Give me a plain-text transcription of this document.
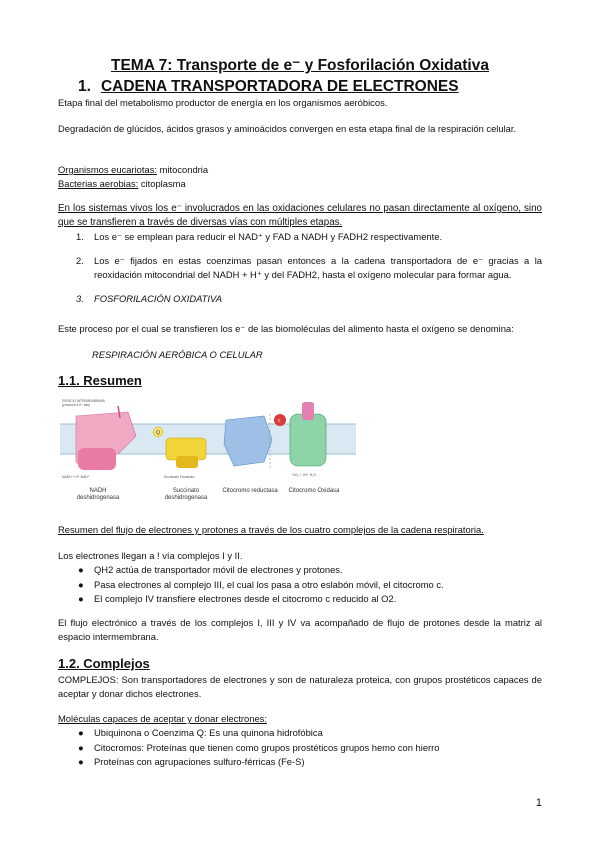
TEMA 7: Transporte de e⁻ y Fosforilación Oxidativa
1. CADENA TRANSPORTADORA DE ELECTRONES
Etapa final del metabolismo productor de energía en los organismos aeróbicos.
Degradación de glúcidos, ácidos grasos y aminoácidos convergen en esta etapa final de la respiración celular.
Organismos eucariotas: mitocondria
Bacterias aerobias: citoplasma
En los sistemas vivos los e⁻ involucrados en las oxidaciones celulares no pasan directamente al oxígeno, sino que se transfieren a través de diversas vías con múltiples etapas.
1. Los e⁻ se emplean para reducir el NAD⁺ y FAD a NADH y FADH2 respectivamente.
2. Los e⁻ fijados en estas coenzimas pasan entonces a la cadena transportadora de e⁻ gracias a la reoxidación mitocondrial del NADH + H⁺ y del FADH2, hasta el oxígeno molecular para formar agua.
3. FOSFORILACIÓN OXIDATIVA
Este proceso por el cual se transfieren los e⁻ de las biomoléculas del alimento hasta el oxígeno se denomina:
RESPIRACIÓN AERÓBICA O CELULAR
1.1. Resumen
ESPACIO INTERMEMBRANA
(protones a H⁺ alto)
Q
c
NADH + H⁺ NAD⁺	Succinato Fumarato	½O₂ + 2H⁺ H₂O
NADH
deshidrogenasa
Succinato
deshidrogenasa
Citocromo reductasa Citocromo Oxidasa
Resumen del flujo de electrones y protones a través de los cuatro complejos de la cadena respiratoria.
Los electrones llegan a ! vía complejos I y II.
● QH2 actúa de transportador móvil de electrones y protones.
● Pasa electrones al complejo III, el cual los pasa a otro eslabón móvil, el citocromo c.
● El complejo IV transfiere electrones desde el citocromo c reducido al O2.
El flujo electrónico a través de los complejos I, III y IV va acompañado de flujo de protones desde la matriz al espacio intermembrana.
1.2. Complejos
COMPLEJOS: Son transportadores de electrones y son de naturaleza proteica, con grupos prostéticos capaces de aceptar y donar dichos electrones.
Moléculas capaces de aceptar y donar electrones:
● Ubiquinona o Coenzima Q: Es una quinona hidrofóbica
● Citocromos: Proteínas que tienen como grupos prostéticos grupos hemo con hierro
● Proteínas con agrupaciones sulfuro-férricas (Fe-S)
1
